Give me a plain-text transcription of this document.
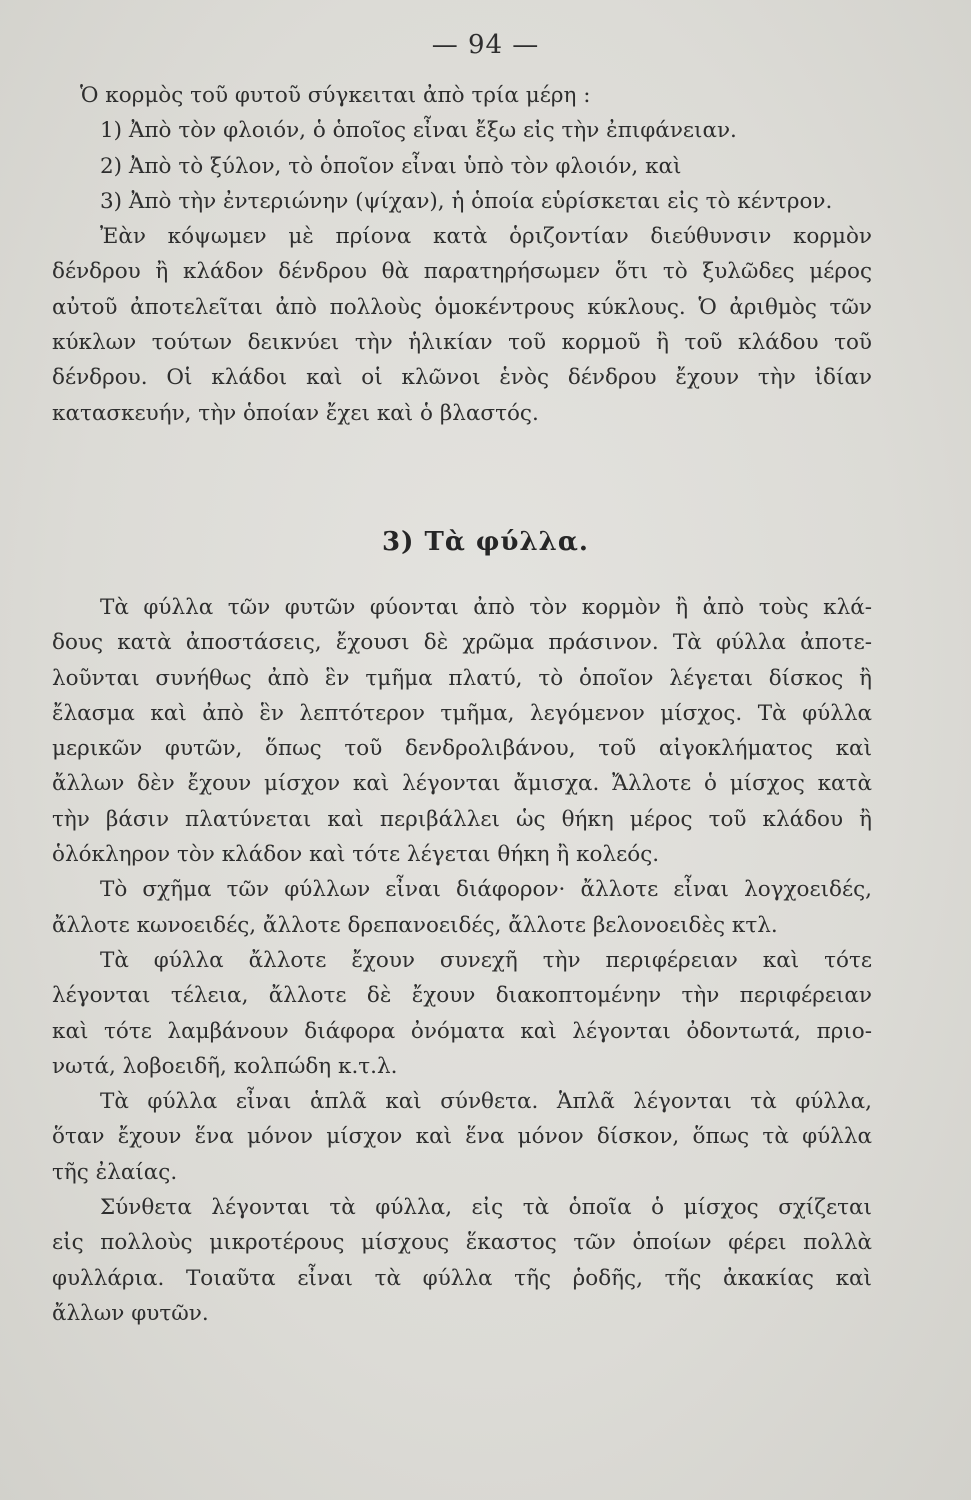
— 94 —
Ὁ κορμὸς τοῦ φυτοῦ σύγκειται ἀπὸ τρία μέρη :
1) Ἀπὸ τὸν φλοιόν, ὁ ὁποῖος εἶναι ἔξω εἰς τὴν ἐπιφάνειαν.
2) Ἀπὸ τὸ ξύλον, τὸ ὁποῖον εἶναι ὑπὸ τὸν φλοιόν, καὶ
3) Ἀπὸ τὴν ἐντεριώνην (ψίχαν), ἡ ὁποία εὑρίσκεται εἰς τὸ κέντρον.
Ἐὰν κόψωμεν μὲ πρίονα κατὰ ὁριζοντίαν διεύθυνσιν κορμὸν
δένδρου ἢ κλάδον δένδρου θὰ παρατηρήσωμεν ὅτι τὸ ξυλῶδες μέρος
αὐτοῦ ἀποτελεῖται ἀπὸ πολλοὺς ὁμοκέντρους κύκλους. Ὁ ἀριθμὸς τῶν
κύκλων τούτων δεικνύει τὴν ἡλικίαν τοῦ κορμοῦ ἢ τοῦ κλάδου τοῦ
δένδρου. Οἱ κλάδοι καὶ οἱ κλῶνοι ἑνὸς δένδρου ἔχουν τὴν ἰδίαν
κατασκευήν, τὴν ὁποίαν ἔχει καὶ ὁ βλαστός.
3) Τὰ φύλλα.
Τὰ φύλλα τῶν φυτῶν φύονται ἀπὸ τὸν κορμὸν ἢ ἀπὸ τοὺς κλά-
δους κατὰ ἀποστάσεις, ἔχουσι δὲ χρῶμα πράσινον. Τὰ φύλλα ἀποτε-
λοῦνται συνήθως ἀπὸ ἓν τμῆμα πλατύ, τὸ ὁποῖον λέγεται δίσκος ἢ
ἔλασμα καὶ ἀπὸ ἓν λεπτότερον τμῆμα, λεγόμενον μίσχος. Τὰ φύλλα
μερικῶν φυτῶν, ὅπως τοῦ δενδρολιβάνου, τοῦ αἰγοκλήματος καὶ
ἄλλων δὲν ἔχουν μίσχον καὶ λέγονται ἄμισχα. Ἄλλοτε ὁ μίσχος κατὰ
τὴν βάσιν πλατύνεται καὶ περιβάλλει ὡς θήκη μέρος τοῦ κλάδου ἢ
ὁλόκληρον τὸν κλάδον καὶ τότε λέγεται θήκη ἢ κολεός.
Τὸ σχῆμα τῶν φύλλων εἶναι διάφορον· ἄλλοτε εἶναι λογχοειδές,
ἄλλοτε κωνοειδές, ἄλλοτε δρεπανοειδές, ἄλλοτε βελονοειδὲς κτλ.
Τὰ φύλλα ἄλλοτε ἔχουν συνεχῆ τὴν περιφέρειαν καὶ τότε
λέγονται τέλεια, ἄλλοτε δὲ ἔχουν διακοπτομένην τὴν περιφέρειαν
καὶ τότε λαμβάνουν διάφορα ὀνόματα καὶ λέγονται ὀδοντωτά, πριο-
νωτά, λοβοειδῆ, κολπώδη κ.τ.λ.
Τὰ φύλλα εἶναι ἁπλᾶ καὶ σύνθετα. Ἁπλᾶ λέγονται τὰ φύλλα,
ὅταν ἔχουν ἕνα μόνον μίσχον καὶ ἕνα μόνον δίσκον, ὅπως τὰ φύλλα
τῆς ἐλαίας.
Σύνθετα λέγονται τὰ φύλλα, εἰς τὰ ὁποῖα ὁ μίσχος σχίζεται
εἰς πολλοὺς μικροτέρους μίσχους ἕκαστος τῶν ὁποίων φέρει πολλὰ
φυλλάρια. Τοιαῦτα εἶναι τὰ φύλλα τῆς ῥοδῆς, τῆς ἀκακίας καὶ
ἄλλων φυτῶν.
